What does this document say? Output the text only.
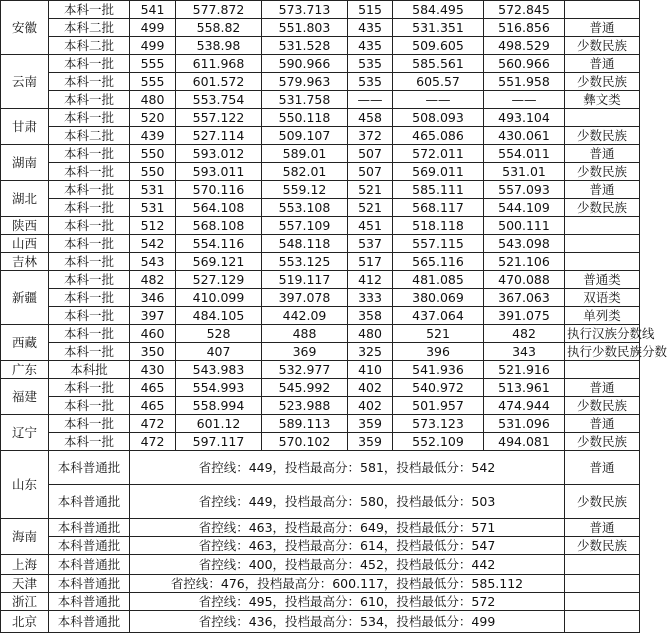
安徽	本科一批	541	577.872	573.713	515	584.495	572.845	
	本科二批	499	558.82	551.803	435	531.351	516.856	普通
	本科二批	499	538.98	531.528	435	509.605	498.529	少数民族
云南	本科一批	555	611.968	590.966	535	585.561	560.966	普通
	本科一批	555	601.572	579.963	535	605.57	551.958	少数民族
	本科一批	480	553.754	531.758	——	——	——	彝文类
甘肃	本科一批	520	557.122	550.118	458	508.093	493.104	
	本科二批	439	527.114	509.107	372	465.086	430.061	少数民族
湖南	本科一批	550	593.012	589.01	507	572.011	554.011	普通
	本科一批	550	593.011	582.01	507	569.011	531.01	少数民族
湖北	本科一批	531	570.116	559.12	521	585.111	557.093	普通
	本科一批	531	564.108	553.108	521	568.117	544.109	少数民族
陕西	本科一批	512	568.108	557.109	451	518.118	500.111	
山西	本科一批	542	554.116	548.118	537	557.115	543.098	
吉林	本科一批	543	569.121	553.125	517	565.116	521.106	
新疆	本科一批	482	527.129	519.117	412	481.085	470.088	普通类
	本科一批	346	410.099	397.078	333	380.069	367.063	双语类
	本科一批	397	484.105	442.09	358	437.064	391.075	单列类
西藏	本科一批	460	528	488	480	521	482	执行汉族分数线
	本科一批	350	407	369	325	396	343	执行少数民族分数
广东	本科批	430	543.983	532.977	410	541.936	521.916	
福建	本科一批	465	554.993	545.992	402	540.972	513.961	普通
	本科一批	465	558.994	523.988	402	501.957	474.944	少数民族
辽宁	本科一批	472	601.12	589.113	359	573.123	531.096	普通
	本科一批	472	597.117	570.102	359	552.109	494.081	少数民族
山东	本科普通批	省控线：449，投档最高分：581，投档最低分：542						普通
	本科普通批	省控线：449，投档最高分：580，投档最低分：503						少数民族
海南	本科普通批	省控线：463，投档最高分：649，投档最低分：571						普通
	本科普通批	省控线：463，投档最高分：614，投档最低分：547						少数民族
上海	本科普通批	省控线：400，投档最高分：452，投档最低分：442						
天津	本科普通批	省控线：476，投档最高分：600.117，投档最低分：585.112						
浙江	本科普通批	省控线：495，投档最高分：610，投档最低分：572						
北京	本科普通批	省控线：436，投档最高分：534，投档最低分：499						
